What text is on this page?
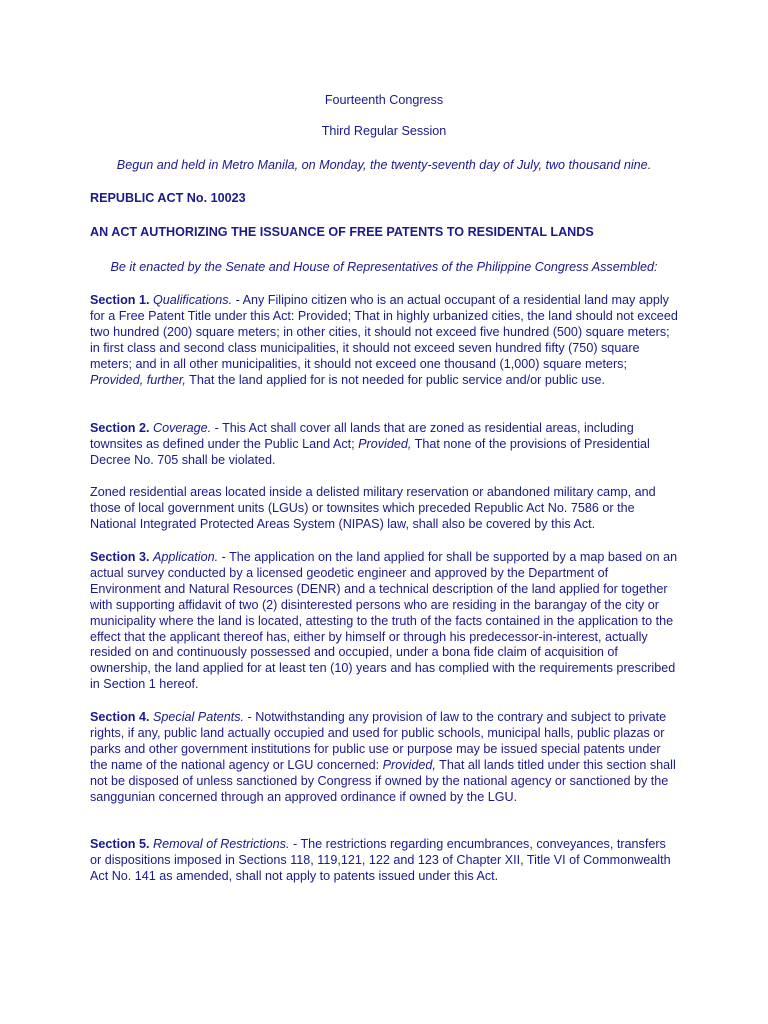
Fourteenth Congress

Third Regular Session

Begun and held in Metro Manila, on Monday, the twenty-seventh day of July, two thousand nine.

REPUBLIC ACT No. 10023

AN ACT AUTHORIZING THE ISSUANCE OF FREE PATENTS TO RESIDENTAL LANDS

Be it enacted by the Senate and House of Representatives of the Philippine Congress Assembled:

Section 1. Qualifications. - Any Filipino citizen who is an actual occupant of a residential land may apply for a Free Patent Title under this Act: Provided; That in highly urbanized cities, the land should not exceed two hundred (200) square meters; in other cities, it should not exceed five hundred (500) square meters; in first class and second class municipalities, it should not exceed seven hundred fifty (750) square meters; and in all other municipalities, it should not exceed one thousand (1,000) square meters; Provided, further, That the land applied for is not needed for public service and/or public use.

Section 2. Coverage. - This Act shall cover all lands that are zoned as residential areas, including townsites as defined under the Public Land Act; Provided, That none of the provisions of Presidential Decree No. 705 shall be violated.

Zoned residential areas located inside a delisted military reservation or abandoned military camp, and those of local government units (LGUs) or townsites which preceded Republic Act No. 7586 or the National Integrated Protected Areas System (NIPAS) law, shall also be covered by this Act.

Section 3. Application. - The application on the land applied for shall be supported by a map based on an actual survey conducted by a licensed geodetic engineer and approved by the Department of Environment and Natural Resources (DENR) and a technical description of the land applied for together with supporting affidavit of two (2) disinterested persons who are residing in the barangay of the city or municipality where the land is located, attesting to the truth of the facts contained in the application to the effect that the applicant thereof has, either by himself or through his predecessor-in-interest, actually resided on and continuously possessed and occupied, under a bona fide claim of acquisition of ownership, the land applied for at least ten (10) years and has complied with the requirements prescribed in Section 1 hereof.

Section 4. Special Patents. - Notwithstanding any provision of law to the contrary and subject to private rights, if any, public land actually occupied and used for public schools, municipal halls, public plazas or parks and other government institutions for public use or purpose may be issued special patents under the name of the national agency or LGU concerned: Provided, That all lands titled under this section shall not be disposed of unless sanctioned by Congress if owned by the national agency or sanctioned by the sanggunian concerned through an approved ordinance if owned by the LGU.

Section 5. Removal of Restrictions. - The restrictions regarding encumbrances, conveyances, transfers or dispositions imposed in Sections 118, 119,121, 122 and 123 of Chapter XII, Title VI of Commonwealth Act No. 141 as amended, shall not apply to patents issued under this Act.
